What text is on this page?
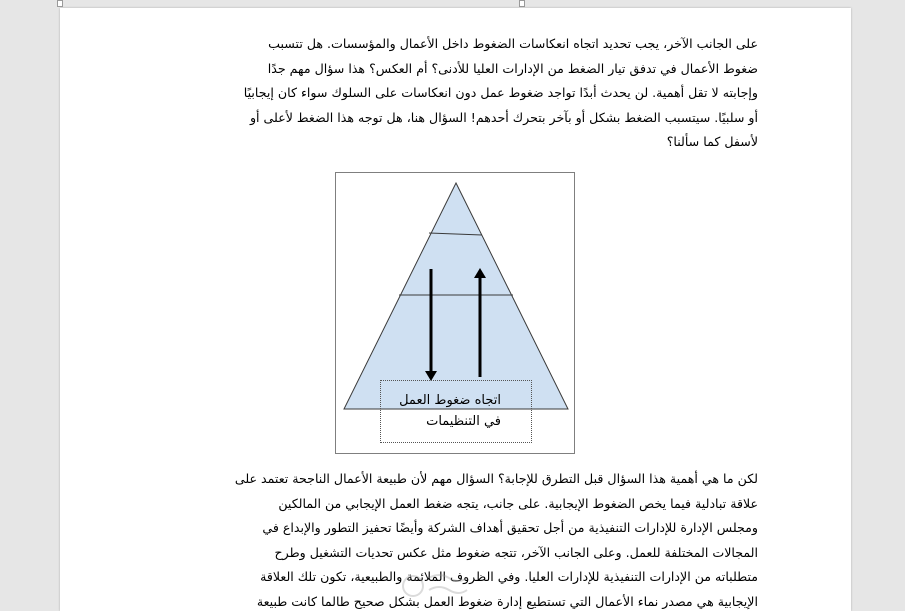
على الجانب الآخر، يجب تحديد اتجاه انعكاسات الضغوط داخل الأعمال والمؤسسات. هل تتسبب
ضغوط الأعمال في تدفق تيار الضغط من الإدارات العليا للأدنى؟ أم العكس؟ هذا سؤال مهم جدًا
وإجابته لا تقل أهمية. لن يحدث أبدًا تواجد ضغوط عمل دون انعكاسات على السلوك سواء كان إيجابيًا
أو سلبيًا. سيتسبب الضغط بشكل أو بآخر بتحرك أحدهم! السؤال هنا، هل توجه هذا الضغط لأعلى أو
لأسفل كما سألنا؟
اتجاه ضغوط العمل
في التنظيمات
لكن ما هي أهمية هذا السؤال قبل التطرق للإجابة؟ السؤال مهم لأن طبيعة الأعمال الناجحة تعتمد على
علاقة تبادلية فيما يخص الضغوط الإيجابية. على جانب، يتجه ضغط العمل الإيجابي من المالكين
ومجلس الإدارة للإدارات التنفيذية من أجل تحقيق أهداف الشركة وأيضًا تحفيز التطور والإبداع في
المجالات المختلفة للعمل. وعلى الجانب الآخر، تتجه ضغوط مثل عكس تحديات التشغيل وطرح
متطلباته من الإدارات التنفيذية للإدارات العليا. وفي الظروف الملائمة والطبيعية، تكون تلك العلاقة
الإيجابية هي مصدر نماء الأعمال التي تستطيع إدارة ضغوط العمل بشكل صحيح طالما كانت طبيعة
